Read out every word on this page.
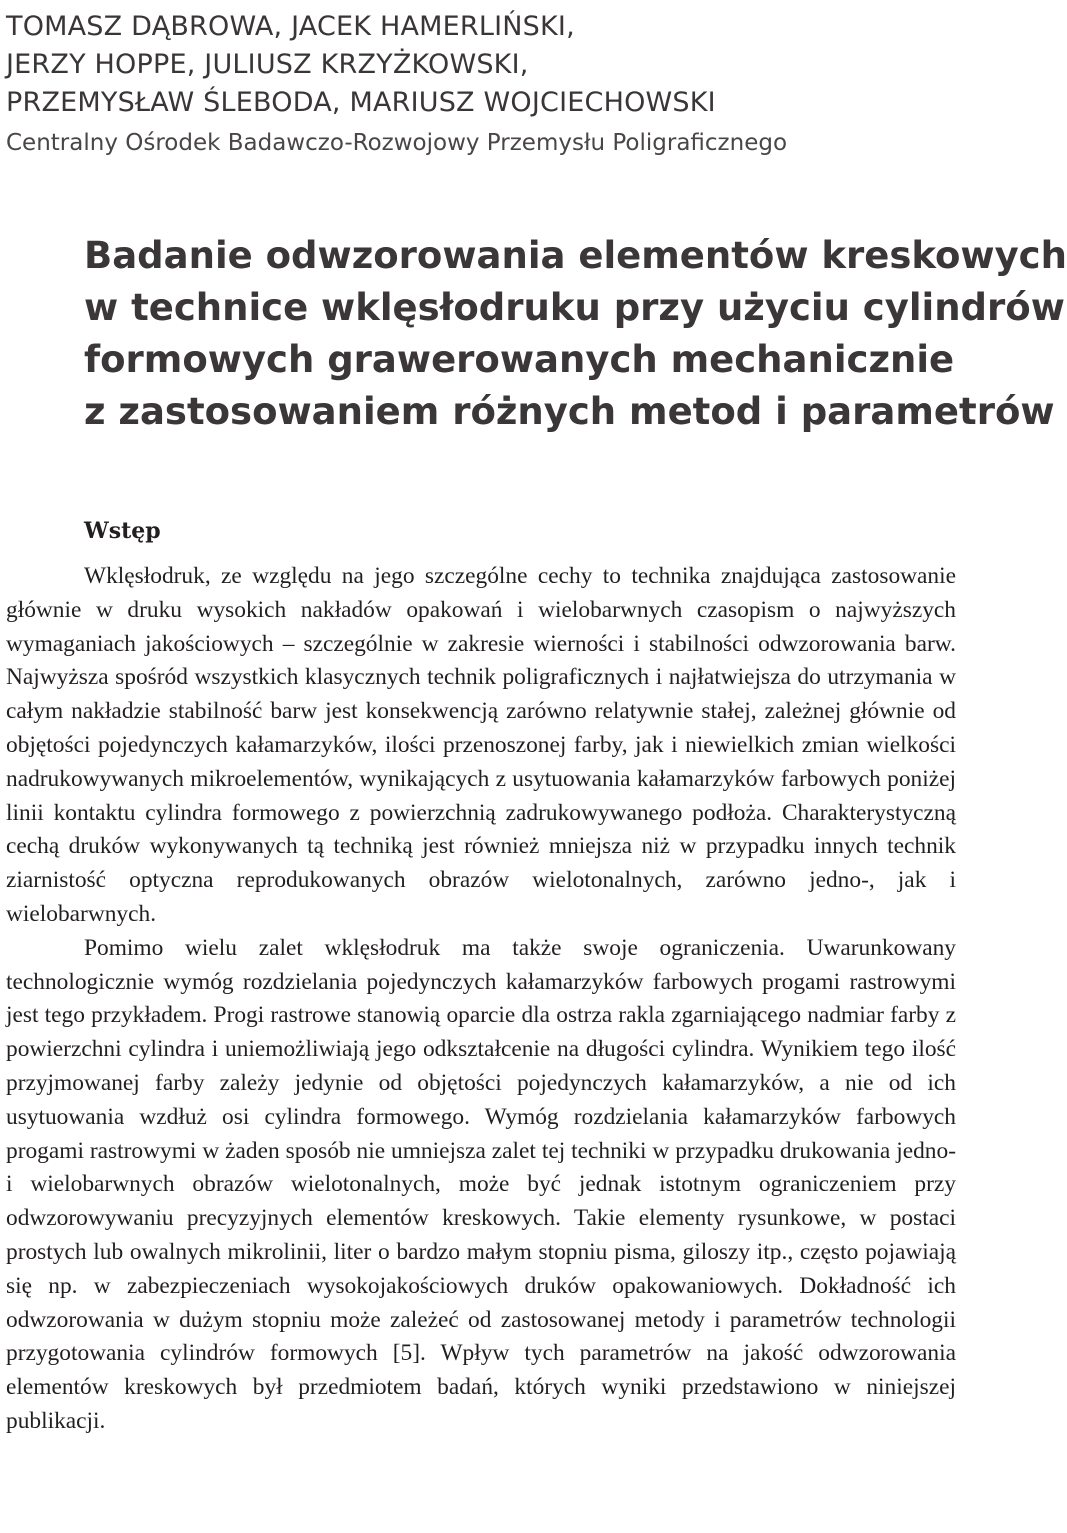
TOMASZ DĄBROWA, JACEK HAMERLIŃSKI,
JERZY HOPPE, JULIUSZ KRZYŻKOWSKI,
PRZEMYSŁAW ŚLEBODA, MARIUSZ WOJCIECHOWSKI
Centralny Ośrodek Badawczo-Rozwojowy Przemysłu Poligraficznego
Badanie odwzorowania elementów kreskowych
w technice wklęsłodruku przy użyciu cylindrów
formowych grawerowanych mechanicznie
z zastosowaniem różnych metod i parametrów
Wstęp

Wklęsłodruk, ze względu na jego szczególne cechy to technika znajdująca zastosowanie głównie w druku wysokich nakładów opakowań i wielobarwnych czasopism o najwyższych wymaganiach jakościowych – szczególnie w zakresie wierności i stabilności odwzorowania barw. Najwyższa spośród wszystkich klasycznych technik poligraficznych i najłatwiejsza do utrzymania w całym nakładzie stabilność barw jest konsekwencją zarówno relatywnie stałej, zależnej głównie od objętości pojedynczych kałamarzyków, ilości przenoszonej farby, jak i niewielkich zmian wielkości nadrukowywanych mikroelementów, wynikających z usytuowania kałamarzyków farbowych poniżej linii kontaktu cylindra formowego z powierzchnią zadrukowywanego podłoża. Charakterystyczną cechą druków wykonywanych tą techniką jest również mniejsza niż w przypadku innych technik ziarnistość optyczna reprodukowanych obrazów wielotonalnych, zarówno jedno-, jak i wielobarwnych.

Pomimo wielu zalet wklęsłodruk ma także swoje ograniczenia. Uwarunkowany technologicznie wymóg rozdzielania pojedynczych kałamarzyków farbowych progami rastrowymi jest tego przykładem. Progi rastrowe stanowią oparcie dla ostrza rakla zgarniającego nadmiar farby z powierzchni cylindra i uniemożliwiają jego odkształcenie na długości cylindra. Wynikiem tego ilość przyjmowanej farby zależy jedynie od objętości pojedynczych kałamarzyków, a nie od ich usytuowania wzdłuż osi cylindra formowego. Wymóg rozdzielania kałamarzyków farbowych progami rastrowymi w żaden sposób nie umniejsza zalet tej techniki w przypadku drukowania jedno- i wielobarwnych obrazów wielotonalnych, może być jednak istotnym ograniczeniem przy odwzorowywaniu precyzyjnych elementów kreskowych. Takie elementy rysunkowe, w postaci prostych lub owalnych mikrolinii, liter o bardzo małym stopniu pisma, giloszy itp., często pojawiają się np. w zabezpieczeniach wysokojakościowych druków opakowaniowych. Dokładność ich odwzorowania w dużym stopniu może zależeć od zastosowanej metody i parametrów technologii przygotowania cylindrów formowych [5]. Wpływ tych parametrów na jakość odwzorowania elementów kreskowych był przedmiotem badań, których wyniki przedstawiono w niniejszej publikacji.
